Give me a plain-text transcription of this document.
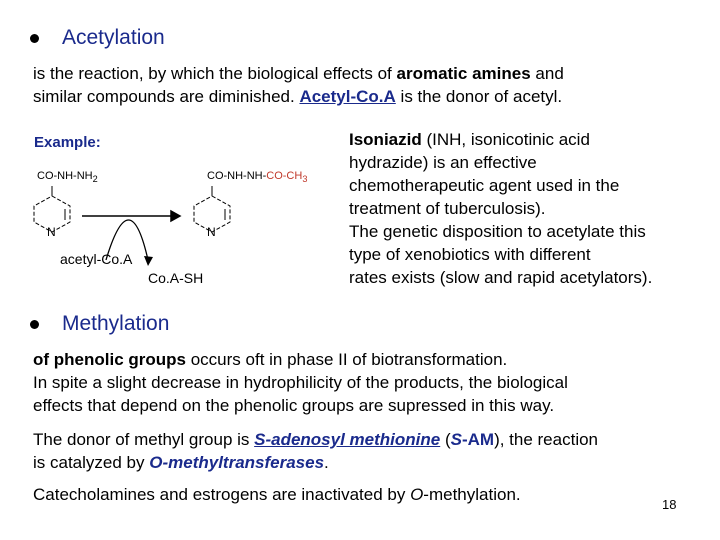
Acetylation
is the reaction, by which the biological effects of aromatic amines and
similar compounds are diminished. Acetyl-Co.A is the donor of acetyl.
Example:
$CO-NH-NH_2$	$CO-NH-NH-CO-CH_3$
N	N
acetyl-Co.A
Co.A-SH
Isoniazid (INH, isonicotinic acid
hydrazide) is an effective
chemotherapeutic agent used in the
treatment of tuberculosis).
The genetic disposition to acetylate this
type of xenobiotics with different
rates exists (slow and rapid acetylators).
Methylation
of phenolic groups occurs oft in phase II of biotransformation.
In spite a slight decrease in hydrophilicity of the products, the biological
effects that depend on the phenolic groups are supressed in this way.
The donor of methyl group is S-adenosyl methionine (S-AM), the reaction
is catalyzed by O-methyltransferases.
Catecholamines and estrogens are inactivated by O-methylation.
18
